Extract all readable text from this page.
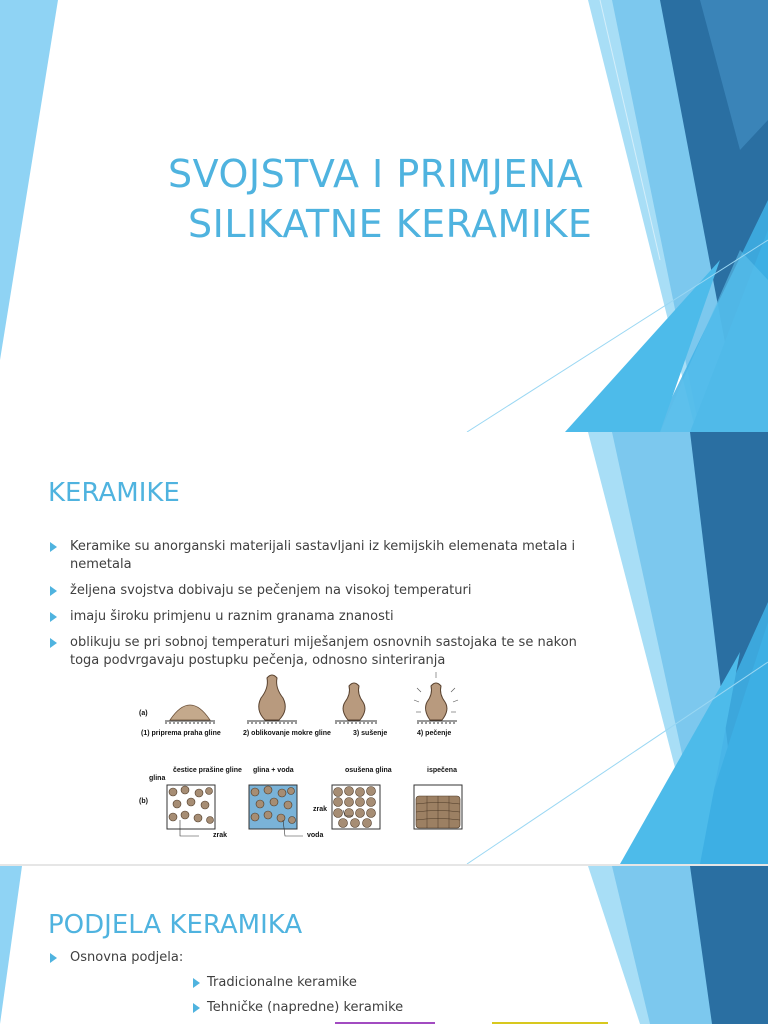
SVOJSTVA I PRIMJENA
SILIKATNE KERAMIKE
KERAMIKE
Keramike su anorganski materijali sastavljani iz kemijskih elemenata metala i nemetala
željena svojstva dobivaju se pečenjem na visokoj temperaturi
imaju široku primjenu u raznim granama znanosti
oblikuju se pri sobnoj temperaturi miješanjem osnovnih sastojaka te se nakon toga podvrgavaju postupku pečenja, odnosno sinteriranja
(a)
(1) priprema praha gline	2) oblikovanje mokre gline	3) sušenje	4) pečenje
čestice prašine gline
glina
glina + voda	osušena glina	ispečena
(b)
zrak	voda
zrak
PODJELA KERAMIKA
Osnovna podjela:
Tradicionalne keramike
Tehničke (napredne) keramike
